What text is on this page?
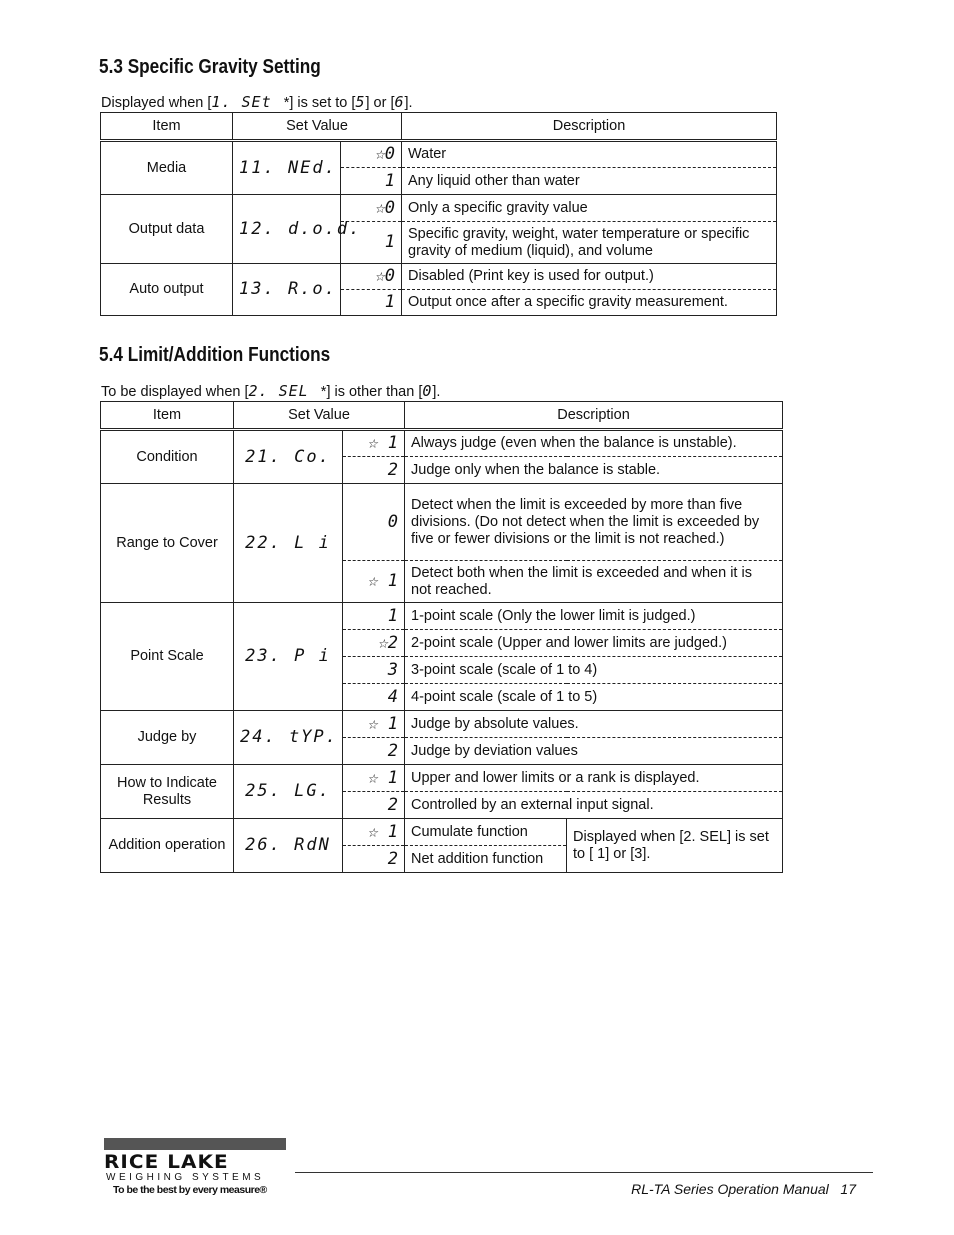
5.3 Specific Gravity Setting
Displayed when [1. SEt *] is set to [5] or [6].
Item	Set Value		Description
Media	11. NEd.	☆0	Water
		1	Any liquid other than water
Output data	12. d.o.d.	☆0	Only a specific gravity value
		1	Specific gravity, weight, water temperature or specific gravity of medium (liquid), and volume
Auto output	13. R.o.	☆0	Disabled (Print key is used for output.)
		1	Output once after a specific gravity measurement.
5.4 Limit/Addition Functions
To be displayed when [2. SEL *] is other than [0].
Item	Set Value		Description	
Condition	21. Co.	☆ 1	Always judge (even when the balance is unstable).	
		2	Judge only when the balance is stable.	
Range to Cover	22. L i	0	Detect when the limit is exceeded by more than five divisions. (Do not detect when the limit is exceeded by five or fewer divisions or the limit is not reached.)	
		☆ 1	Detect both when the limit is exceeded and when it is not reached.	
Point Scale	23. P i	1	1-point scale (Only the lower limit is judged.)	
		☆2	2-point scale (Upper and lower limits are judged.)	
		3	3-point scale (scale of 1 to 4)	
		4	4-point scale (scale of 1 to 5)	
Judge by	24. tYP.	☆ 1	Judge by absolute values.	
		2	Judge by deviation values	
How to Indicate Results	25. LG.	☆ 1	Upper and lower limits or a rank is displayed.	
		2	Controlled by an external input signal.	
Addition operation	26. RdN	☆ 1	Cumulate function	Displayed when [2. SEL] is set to [ 1] or [3].
		2	Net addition function	
RICE LAKE
WEIGHING SYSTEMS
To be the best by every measure®	RL-TA Series Operation Manual 17
